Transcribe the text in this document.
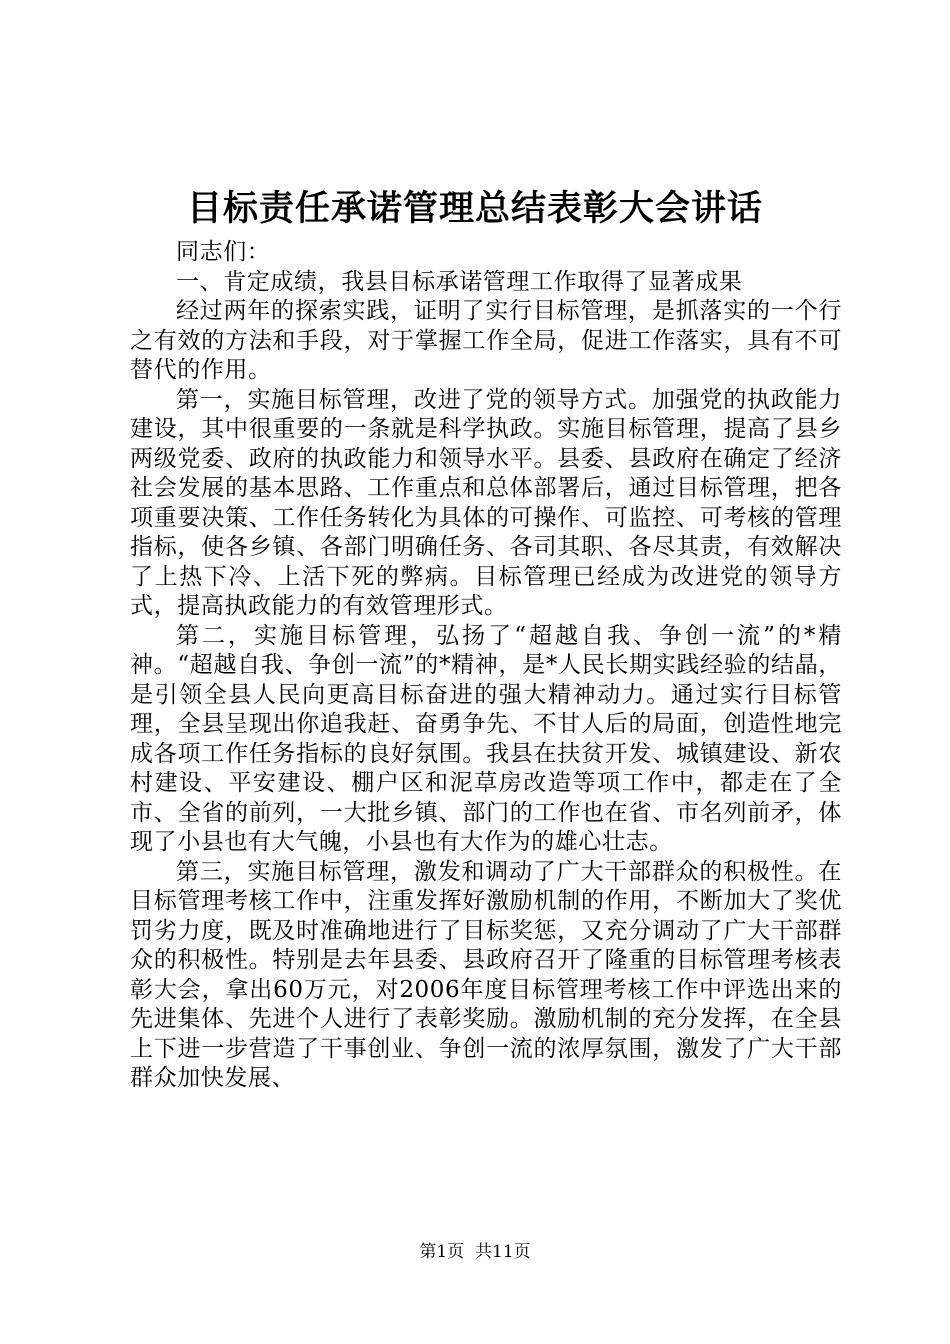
目标责任承诺管理总结表彰大会讲话

同志们：

一、肯定成绩，我县目标承诺管理工作取得了显著成果

经过两年的探索实践，证明了实行目标管理，是抓落实的一个行之有效的方法和手段，对于掌握工作全局，促进工作落实，具有不可替代的作用。

第一，实施目标管理，改进了党的领导方式。加强党的执政能力建设，其中很重要的一条就是科学执政。实施目标管理，提高了县乡两级党委、政府的执政能力和领导水平。县委、县政府在确定了经济社会发展的基本思路、工作重点和总体部署后，通过目标管理，把各项重要决策、工作任务转化为具体的可操作、可监控、可考核的管理指标，使各乡镇、各部门明确任务、各司其职、各尽其责，有效解决了上热下冷、上活下死的弊病。目标管理已经成为改进党的领导方式，提高执政能力的有效管理形式。

第二，实施目标管理，弘扬了“超越自我、争创一流”的*精神。“超越自我、争创一流”的*精神，是*人民长期实践经验的结晶，是引领全县人民向更高目标奋进的强大精神动力。通过实行目标管理，全县呈现出你追我赶、奋勇争先、不甘人后的局面，创造性地完成各项工作任务指标的良好氛围。我县在扶贫开发、城镇建设、新农村建设、平安建设、棚户区和泥草房改造等项工作中，都走在了全市、全省的前列，一大批乡镇、部门的工作也在省、市名列前矛，体现了小县也有大气魄，小县也有大作为的雄心壮志。

第三，实施目标管理，激发和调动了广大干部群众的积极性。在目标管理考核工作中，注重发挥好激励机制的作用，不断加大了奖优罚劣力度，既及时准确地进行了目标奖惩，又充分调动了广大干部群众的积极性。特别是去年县委、县政府召开了隆重的目标管理考核表彰大会，拿出60万元，对2006年度目标管理考核工作中评选出来的先进集体、先进个人进行了表彰奖励。激励机制的充分发挥，在全县上下进一步营造了干事创业、争创一流的浓厚氛围，激发了广大干部群众加快发展、

第1页 共11页
